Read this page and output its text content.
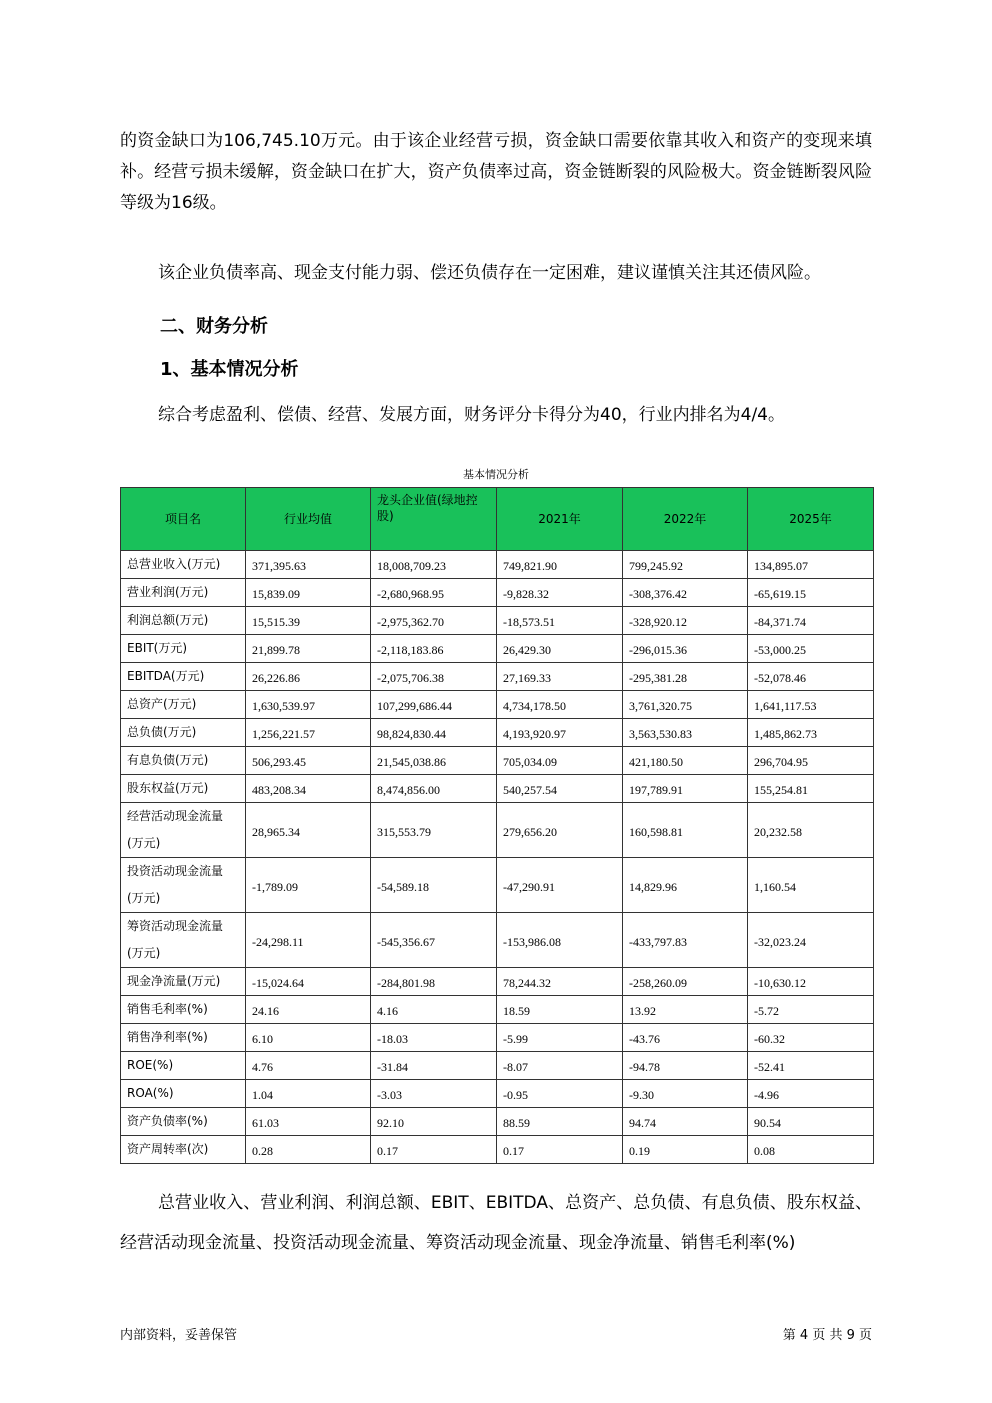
的资金缺口为106,745.10万元。由于该企业经营亏损，资金缺口需要依靠其收入和资产的变现来填补。经营亏损未缓解，资金缺口在扩大，资产负债率过高，资金链断裂的风险极大。资金链断裂风险等级为16级。

该企业负债率高、现金支付能力弱、偿还负债存在一定困难，建议谨慎关注其还债风险。

二、财务分析
1、基本情况分析

综合考虑盈利、偿债、经营、发展方面，财务评分卡得分为40，行业内排名为4/4。

基本情况分析
项目名	行业均值	龙头企业值(绿地控股)	2021年	2022年	2025年
总营业收入(万元)	371,395.63	18,008,709.23	749,821.90	799,245.92	134,895.07
营业利润(万元)	15,839.09	-2,680,968.95	-9,828.32	-308,376.42	-65,619.15
利润总额(万元)	15,515.39	-2,975,362.70	-18,573.51	-328,920.12	-84,371.74
EBIT(万元)	21,899.78	-2,118,183.86	26,429.30	-296,015.36	-53,000.25
EBITDA(万元)	26,226.86	-2,075,706.38	27,169.33	-295,381.28	-52,078.46
总资产(万元)	1,630,539.97	107,299,686.44	4,734,178.50	3,761,320.75	1,641,117.53
总负债(万元)	1,256,221.57	98,824,830.44	4,193,920.97	3,563,530.83	1,485,862.73
有息负债(万元)	506,293.45	21,545,038.86	705,034.09	421,180.50	296,704.95
股东权益(万元)	483,208.34	8,474,856.00	540,257.54	197,789.91	155,254.81
经营活动现金流量(万元)	28,965.34	315,553.79	279,656.20	160,598.81	20,232.58
投资活动现金流量(万元)	-1,789.09	-54,589.18	-47,290.91	14,829.96	1,160.54
筹资活动现金流量(万元)	-24,298.11	-545,356.67	-153,986.08	-433,797.83	-32,023.24
现金净流量(万元)	-15,024.64	-284,801.98	78,244.32	-258,260.09	-10,630.12
销售毛利率(%)	24.16	4.16	18.59	13.92	-5.72
销售净利率(%)	6.10	-18.03	-5.99	-43.76	-60.32
ROE(%)	4.76	-31.84	-8.07	-94.78	-52.41
ROA(%)	1.04	-3.03	-0.95	-9.30	-4.96
资产负债率(%)	61.03	92.10	88.59	94.74	90.54
资产周转率(次)	0.28	0.17	0.17	0.19	0.08

总营业收入、营业利润、利润总额、EBIT、EBITDA、总资产、总负债、有息负债、股东权益、经营活动现金流量、投资活动现金流量、筹资活动现金流量、现金净流量、销售毛利率(%)

内部资料，妥善保管	第 4 页 共 9 页
